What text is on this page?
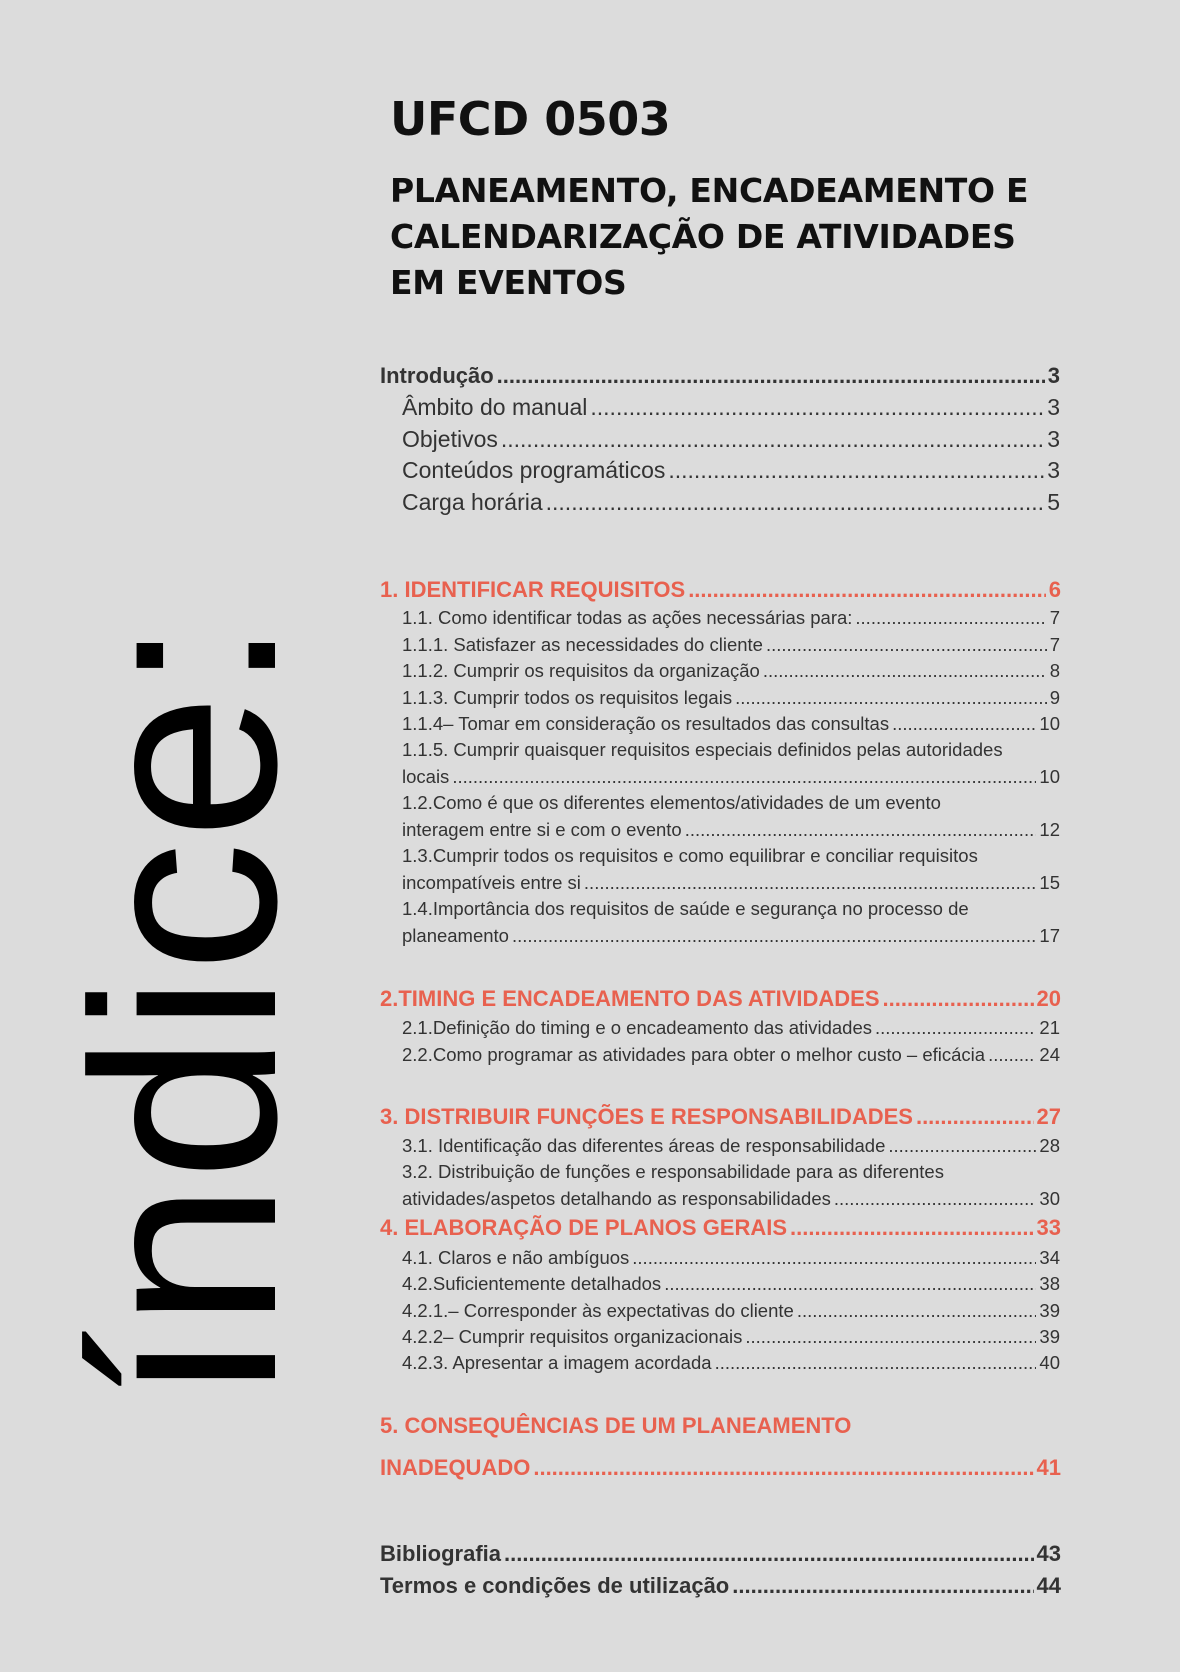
índice:
UFCD 0503
PLANEAMENTO, ENCADEAMENTO E CALENDARIZAÇÃO DE ATIVIDADES EM EVENTOS
Introdução .....	3
Âmbito do manual .....	3
Objetivos .....	3
Conteúdos programáticos .....	3
Carga horária .....	5
1. IDENTIFICAR REQUISITOS .....	6
1.1. Como identificar todas as ações necessárias para: .....	7
1.1.1. Satisfazer as necessidades do cliente .....	7
1.1.2. Cumprir os requisitos da organização .....	8
1.1.3. Cumprir todos os requisitos legais .....	9
1.1.4– Tomar em consideração os resultados das consultas .....	10
1.1.5. Cumprir quaisquer requisitos especiais definidos pelas autoridades
locais .....	10
1.2.Como é que os diferentes elementos/atividades de um evento
interagem entre si e com o evento .....	12
1.3.Cumprir todos os requisitos e como equilibrar e conciliar requisitos
incompatíveis entre si .....	15
1.4.Importância dos requisitos de saúde e segurança no processo de
planeamento .....	17
2.TIMING E ENCADEAMENTO DAS ATIVIDADES .....	20
2.1.Definição do timing e o encadeamento das atividades .....	21
2.2.Como programar as atividades para obter o melhor custo – eficácia .....	24
3. DISTRIBUIR FUNÇÕES E RESPONSABILIDADES .....	27
3.1. Identificação das diferentes áreas de responsabilidade .....	28
3.2. Distribuição de funções e responsabilidade para as diferentes
atividades/aspetos detalhando as responsabilidades .....	30
4. ELABORAÇÃO DE PLANOS GERAIS .....	33
4.1. Claros e não ambíguos .....	34
4.2.Suficientemente detalhados .....	38
4.2.1.– Corresponder às expectativas do cliente .....	39
4.2.2– Cumprir requisitos organizacionais .....	39
4.2.3. Apresentar a imagem acordada .....	40
5. CONSEQUÊNCIAS DE UM PLANEAMENTO
INADEQUADO .....	41
Bibliografia .....	43
Termos e condições de utilização .....	44
